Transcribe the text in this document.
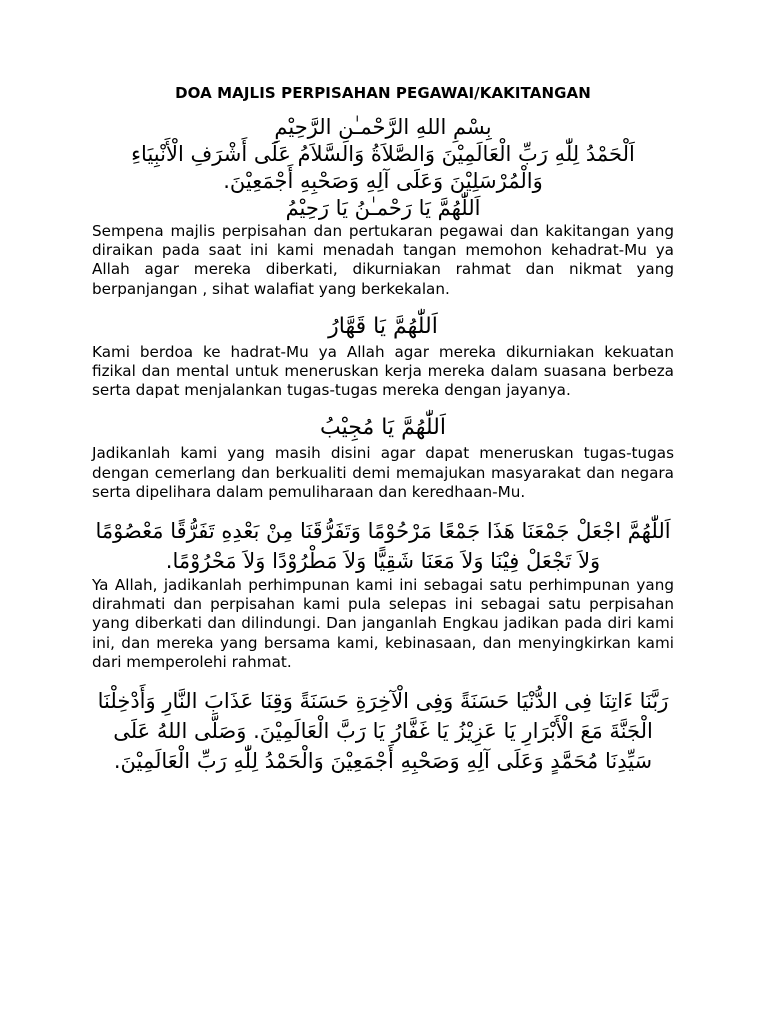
DOA MAJLIS PERPISAHAN PEGAWAI/KAKITANGAN
بِسْمِ اللهِ الرَّحْمـٰنِ الرَّحِيْمِ
اَلْحَمْدُ لِلّٰهِ رَبِّ الْعَالَمِيْنَ وَالصَّلاَةُ وَالسَّلاَمُ عَلَى أَشْرَفِ الْأَنْبِيَاءِ وَالْمُرْسَلِيْنَ وَعَلَى آلِهِ وَصَحْبِهِ أَجْمَعِيْنَ.
اَللّٰهُمَّ يَا رَحْمـٰنُ يَا رَحِيْمُ

Sempena majlis perpisahan dan pertukaran pegawai dan kakitangan yang diraikan pada saat ini kami menadah tangan memohon kehadrat-Mu ya Allah agar mereka diberkati, dikurniakan rahmat dan nikmat yang berpanjangan , sihat walafiat yang berkekalan.

اَللّٰهُمَّ يَا قَهَّارُ

Kami berdoa ke hadrat-Mu ya Allah agar mereka dikurniakan kekuatan fizikal dan mental untuk meneruskan kerja mereka dalam suasana berbeza serta dapat menjalankan tugas-tugas mereka dengan jayanya.

اَللّٰهُمَّ يَا مُجِيْبُ

Jadikanlah kami yang masih disini agar dapat meneruskan tugas-tugas dengan cemerlang dan berkualiti demi memajukan masyarakat dan negara serta dipelihara dalam pemuliharaan dan keredhaan-Mu.

اَللّٰهُمَّ اجْعَلْ جَمْعَنَا هَذَا جَمْعًا مَرْحُوْمًا وَتَفَرُّقَنَا مِنْ بَعْدِهِ تَفَرُّقًا مَعْصُوْمًا وَلاَ تَجْعَلْ فِيْنَا وَلاَ مَعَنَا شَقِيًّا وَلاَ مَطْرُوْدًا وَلاَ مَحْرُوْمًا.

Ya Allah, jadikanlah perhimpunan kami ini sebagai satu perhimpunan yang dirahmati dan perpisahan kami pula selepas ini sebagai satu perpisahan yang diberkati dan dilindungi. Dan janganlah Engkau jadikan pada diri kami ini, dan mereka yang bersama kami, kebinasaan, dan menyingkirkan kami dari memperolehi rahmat.

رَبَّنَا ءَاتِنَا فِى الدُّنْيَا حَسَنَةً وَفِى الْآخِرَةِ حَسَنَةً وَقِنَا عَذَابَ النَّارِ وَأَدْخِلْنَا الْجَنَّةَ مَعَ الْأَبْرَارِ يَا عَزِيْزُ يَا غَفَّارُ يَا رَبَّ الْعَالَمِيْنَ. وَصَلَّى اللهُ عَلَى سَيِّدِنَا مُحَمَّدٍ وَعَلَى آلِهِ وَصَحْبِهِ أَجْمَعِيْنَ وَالْحَمْدُ لِلّٰهِ رَبِّ الْعَالَمِيْنَ.
